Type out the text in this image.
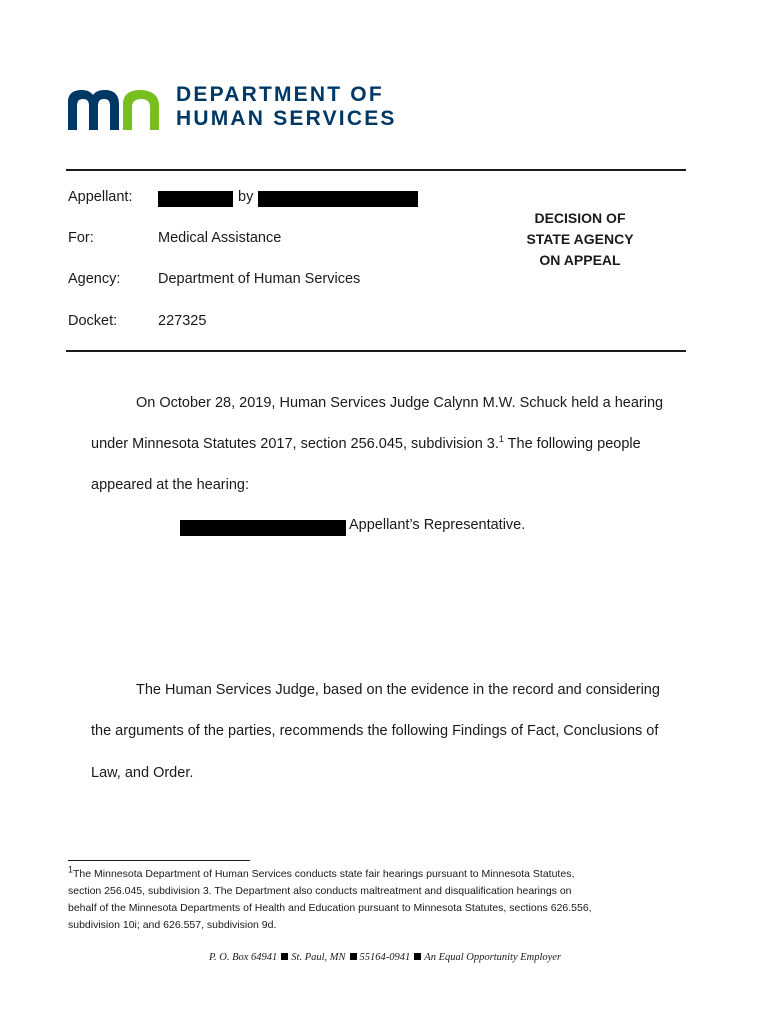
DEPARTMENT OF
HUMAN SERVICES
Appellant:	by
For:	Medical Assistance
Agency:	Department of Human Services
Docket:	227325
DECISION OF
STATE AGENCY
ON APPEAL
On October 28, 2019, Human Services Judge Calynn M.W. Schuck held a hearing
under Minnesota Statutes 2017, section 256.045, subdivision 3.$^1$ The following people
appeared at the hearing:
Appellant’s Representative.
The Human Services Judge, based on the evidence in the record and considering
the arguments of the parties, recommends the following Findings of Fact, Conclusions of
Law, and Order.
$^1$The Minnesota Department of Human Services conducts state fair hearings pursuant to Minnesota Statutes,
section 256.045, subdivision 3. The Department also conducts maltreatment and disqualification hearings on
behalf of the Minnesota Departments of Health and Education pursuant to Minnesota Statutes, sections 626.556,
subdivision 10i; and 626.557, subdivision 9d.
P. O. Box 64941 St. Paul, MN 55164-0941 An Equal Opportunity Employer
